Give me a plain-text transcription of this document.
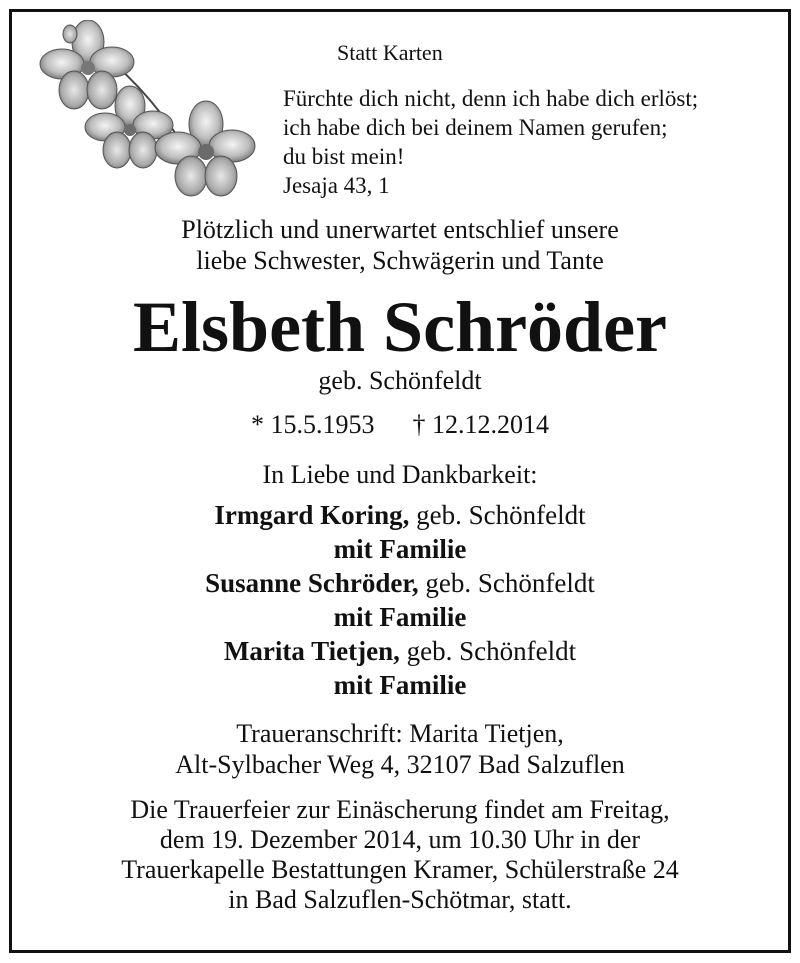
Statt Karten
Fürchte dich nicht, denn ich habe dich erlöst;
ich habe dich bei deinem Namen gerufen;
du bist mein!
Jesaja 43, 1
Plötzlich und unerwartet entschlief unsere
liebe Schwester, Schwägerin und Tante
Elsbeth Schröder
geb. Schönfeldt
* 15.5.1953 † 12.12.2014
In Liebe und Dankbarkeit:
Irmgard Koring, geb. Schönfeldt
mit Familie
Susanne Schröder, geb. Schönfeldt
mit Familie
Marita Tietjen, geb. Schönfeldt
mit Familie
Traueranschrift: Marita Tietjen,
Alt-Sylbacher Weg 4, 32107 Bad Salzuflen
Die Trauerfeier zur Einäscherung findet am Freitag,
dem 19. Dezember 2014, um 10.30 Uhr in der
Trauerkapelle Bestattungen Kramer, Schülerstraße 24
in Bad Salzuflen-Schötmar, statt.
